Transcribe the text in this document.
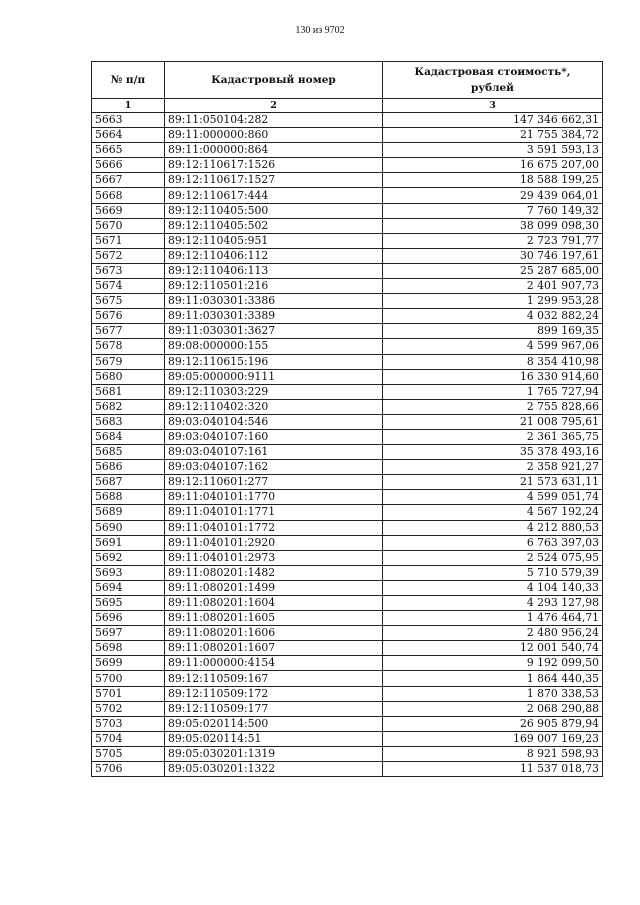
130 из 9702
№ п/п	Кадастровый номер	Кадастровая стоимость*,
рублей
1	2	3
5663	89:11:050104:282	147 346 662,31
5664	89:11:000000:860	21 755 384,72
5665	89:11:000000:864	3 591 593,13
5666	89:12:110617:1526	16 675 207,00
5667	89:12:110617:1527	18 588 199,25
5668	89:12:110617:444	29 439 064,01
5669	89:12:110405:500	7 760 149,32
5670	89:12:110405:502	38 099 098,30
5671	89:12:110405:951	2 723 791,77
5672	89:12:110406:112	30 746 197,61
5673	89:12:110406:113	25 287 685,00
5674	89:12:110501:216	2 401 907,73
5675	89:11:030301:3386	1 299 953,28
5676	89:11:030301:3389	4 032 882,24
5677	89:11:030301:3627	899 169,35
5678	89:08:000000:155	4 599 967,06
5679	89:12:110615:196	8 354 410,98
5680	89:05:000000:9111	16 330 914,60
5681	89:12:110303:229	1 765 727,94
5682	89:12:110402:320	2 755 828,66
5683	89:03:040104:546	21 008 795,61
5684	89:03:040107:160	2 361 365,75
5685	89:03:040107:161	35 378 493,16
5686	89:03:040107:162	2 358 921,27
5687	89:12:110601:277	21 573 631,11
5688	89:11:040101:1770	4 599 051,74
5689	89:11:040101:1771	4 567 192,24
5690	89:11:040101:1772	4 212 880,53
5691	89:11:040101:2920	6 763 397,03
5692	89:11:040101:2973	2 524 075,95
5693	89:11:080201:1482	5 710 579,39
5694	89:11:080201:1499	4 104 140,33
5695	89:11:080201:1604	4 293 127,98
5696	89:11:080201:1605	1 476 464,71
5697	89:11:080201:1606	2 480 956,24
5698	89:11:080201:1607	12 001 540,74
5699	89:11:000000:4154	9 192 099,50
5700	89:12:110509:167	1 864 440,35
5701	89:12:110509:172	1 870 338,53
5702	89:12:110509:177	2 068 290,88
5703	89:05:020114:500	26 905 879,94
5704	89:05:020114:51	169 007 169,23
5705	89:05:030201:1319	8 921 598,93
5706	89:05:030201:1322	11 537 018,73
